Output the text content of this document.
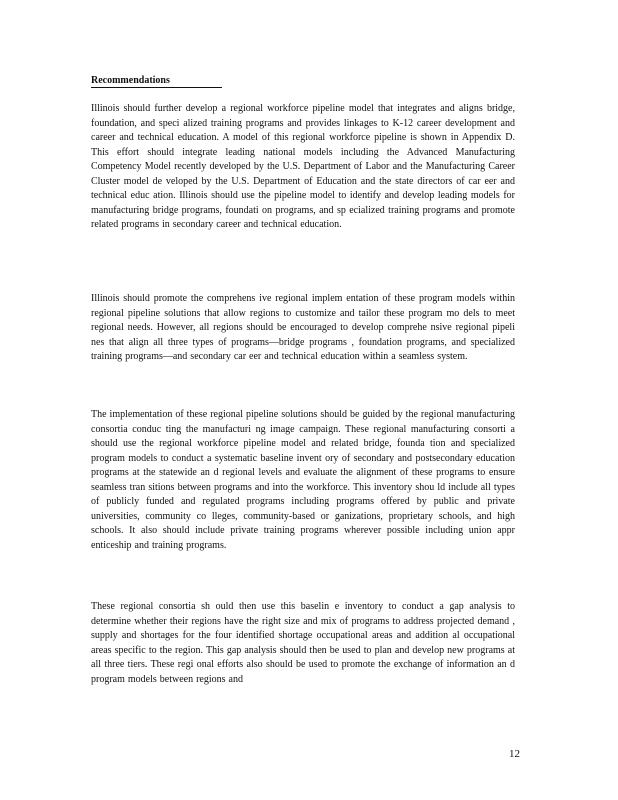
Recommendations

Illinois should further develop a regional workforce pipeline model that integrates and aligns bridge, foundation, and speci alized training programs and provides linkages to K-12 career development and career and technical education. A model of this regional workforce pipeline is shown in Appendix D. This effort should integrate leading national models including the Advanced Manufacturing Competency Model recently developed by the U.S. Department of Labor and the Manufacturing Career Cluster model de veloped by the U.S. Department of Education and the state directors of car eer and technical educ ation. Illinois should use the pipeline model to identify and develop leading models for manufacturing bridge programs, foundati on programs, and sp ecialized training programs and promote related programs in secondary career and technical education.

Illinois should promote the comprehens ive regional implem entation of these program models within regional pipeline solutions that allow regions to customize and tailor these program mo dels to meet regional needs. However, all regions should be encouraged to develop comprehe nsive regional pipeli nes that align all three types of programs—bridge programs , foundation programs, and specialized training programs—and secondary car eer and technical education within a seamless system.

The implementation of these regional pipeline solutions should be guided by the regional manufacturing consortia conduc ting the manufacturi ng image campaign. These regional manufacturing consorti a should use the regional workforce pipeline model and related bridge, founda tion and specialized program models to conduct a systematic baseline invent ory of secondary and postsecondary education programs at the statewide an d regional levels and evaluate the alignment of these programs to ensure seamless tran sitions between programs and into the workforce. This inventory shou ld include all types of publicly funded and regulated programs including programs offered by public and private universities, community co lleges, community-based or ganizations, proprietary schools, and high schools. It also should include private training programs wherever possible including union appr enticeship and training programs.

These regional consortia sh ould then use this baselin e inventory to conduct a gap analysis to determine whether their regions have the right size and mix of programs to address projected demand , supply and shortages for the four identified shortage occupational areas and addition al occupational areas specific to the region. This gap analysis should then be used to plan and develop new programs at all three tiers. These regi onal efforts also should be used to promote the exchange of information an d program models between regions and

12
